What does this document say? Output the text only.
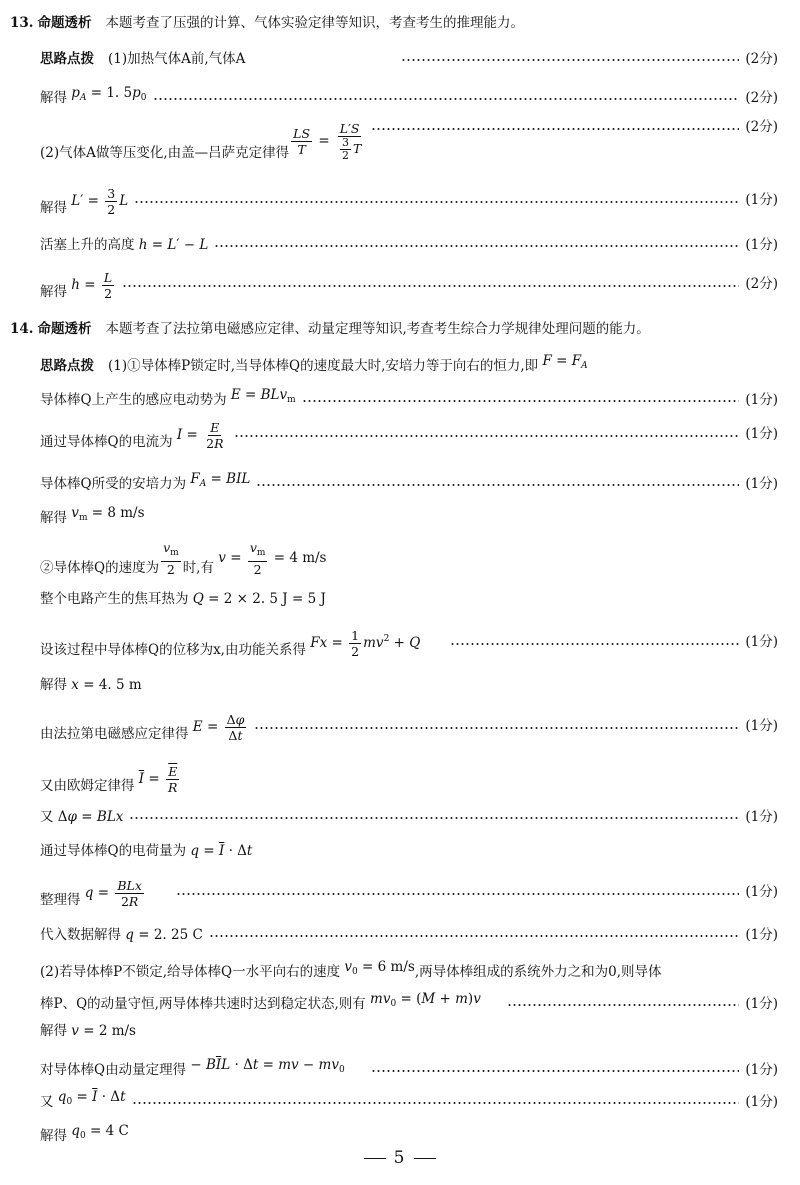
13. 命题透析 本题考查了压强的计算、气体实验定律等知识，考查考生的推理能力。
思路点拨 (1)加热气体A前,气体A	(2分)
解得 $p_A = 1$. $5p_0$	(2分)
(2)气体A做等压变化,由盖—吕萨克定律得 $\frac{LS}{T} = \frac{L'S}{\frac{3}{2} T}$	(2分)
解得 $L' = \frac{3}{2}$ L	(1分)
活塞上升的高度 h = L′ − L	(1分)
解得 $h = \frac{L}{2}$	(2分)
14. 命题透析 本题考查了法拉第电磁感应定律、动量定理等知识,考查考生综合力学规律处理问题的能力。
思路点拨 (1)①导体棒P锁定时,当导体棒Q的速度最大时,安培力等于向右的恒力,即 $F = F_A$
导体棒Q上产生的感应电动势为 E = BLv$_m$	(1分)
通过导体棒Q的电流为 $I = \frac{E}{2R}$	(1分)
导体棒Q所受的安培力为 $F_A$ = BIL	(1分)
解得 $v_m = 8$ m/s
②导体棒Q的速度为 $\frac{v_m}{2}$ 时,有
$v = \frac{v_m}{2} = 4$ m/s
整个电路产生的焦耳热为 Q = 2 × 2. 5 J = 5 J
设该过程中导体棒Q的位移为x,由功能关系得 $Fx = \frac{1}{2} mv^2 + Q$	(1分)
解得 x = 4. 5 m
由法拉第电磁感应定律得 $E = \frac{\Delta\varphi}{\Delta t}$	(1分)
又由欧姆定律得 $\overline{I} = \frac{\overline{E}}{R}$
又 Δφ = BLx	(1分)
通过导体棒Q的电荷量为 $q = \overline{I} \cdot \Delta t$
整理得 $q = \frac{\text{BLx}}{2R}$	(1分)
代入数据解得 q = 2. 25 C	(1分)
(2)若导体棒P不锁定,给导体棒Q一水平向右的速度 $v_0 = 6$ m/s ,两导体棒组成的系统外力之和为0,则导体
棒P、Q的动量守恒,两导体棒共速时达到稳定状态,则有 $mv_0 = (M + m)v$	(1分)
解得 v = 2 m/s
对导体棒Q由动量定理得 − $B\overline{I}L \cdot \Delta t$ = mv − $mv_0$	(1分)
又 $q_0 = \overline{I} \cdot \Delta t$	(1分)
解得 $q_0 = 4$ C
5
